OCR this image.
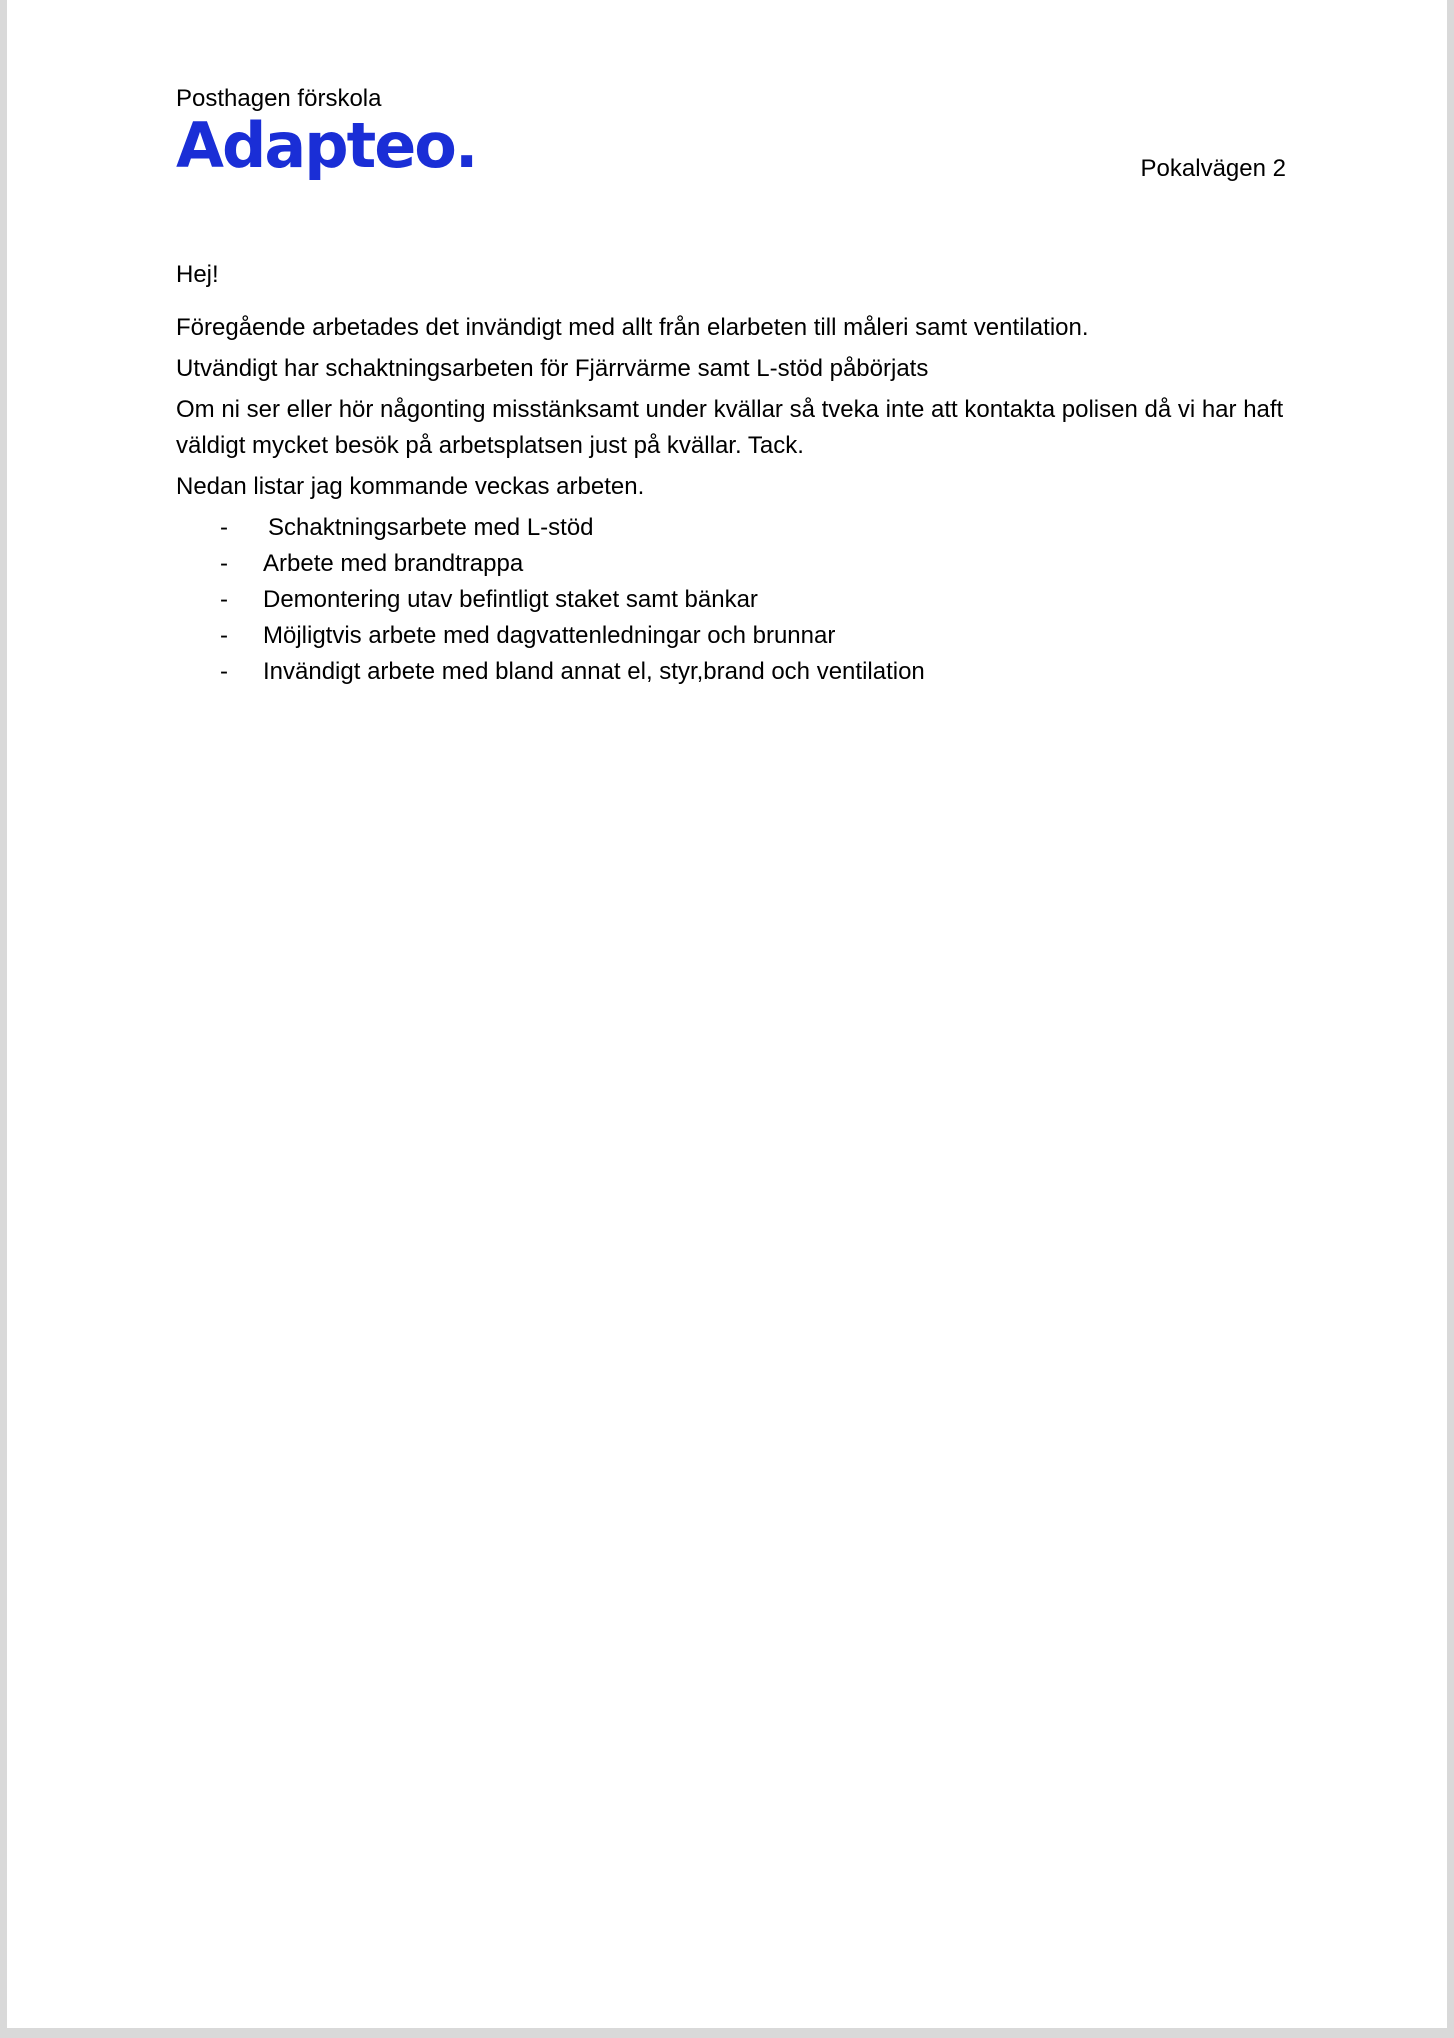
Posthagen förskola
Adapteo.	Pokalvägen 2

Hej!

Föregående arbetades det invändigt med allt från elarbeten till måleri samt ventilation.

Utvändigt har schaktningsarbeten för Fjärrvärme samt L-stöd påbörjats

Om ni ser eller hör någonting misstänksamt under kvällar så tveka inte att kontakta polisen då vi har haft väldigt mycket besök på arbetsplatsen just på kvällar. Tack.

Nedan listar jag kommande veckas arbeten.

- Schaktningsarbete med L-stöd
- Arbete med brandtrappa
- Demontering utav befintligt staket samt bänkar
- Möjligtvis arbete med dagvattenledningar och brunnar
- Invändigt arbete med bland annat el, styr,brand och ventilation
